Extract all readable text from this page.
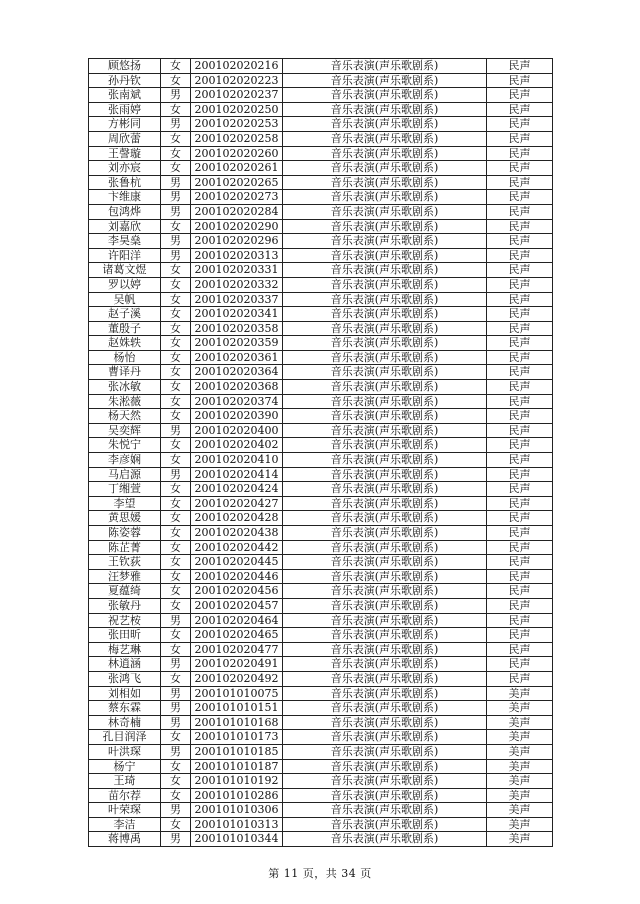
顾悠扬	女	200102020216	音乐表演(声乐歌剧系)	民声
孙丹钦	女	200102020223	音乐表演(声乐歌剧系)	民声
张南斌	男	200102020237	音乐表演(声乐歌剧系)	民声
张雨婷	女	200102020250	音乐表演(声乐歌剧系)	民声
方彬同	男	200102020253	音乐表演(声乐歌剧系)	民声
周欣蕾	女	200102020258	音乐表演(声乐歌剧系)	民声
王謦璇	女	200102020260	音乐表演(声乐歌剧系)	民声
刘亦宸	女	200102020261	音乐表演(声乐歌剧系)	民声
张鲁杭	男	200102020265	音乐表演(声乐歌剧系)	民声
卞维康	男	200102020273	音乐表演(声乐歌剧系)	民声
包鸿烨	男	200102020284	音乐表演(声乐歌剧系)	民声
刘嘉欣	女	200102020290	音乐表演(声乐歌剧系)	民声
李昊燊	男	200102020296	音乐表演(声乐歌剧系)	民声
许阳洋	男	200102020313	音乐表演(声乐歌剧系)	民声
诸葛文煜	女	200102020331	音乐表演(声乐歌剧系)	民声
罗以婷	女	200102020332	音乐表演(声乐歌剧系)	民声
吴帆	女	200102020337	音乐表演(声乐歌剧系)	民声
赵子溪	女	200102020341	音乐表演(声乐歌剧系)	民声
董殷子	女	200102020358	音乐表演(声乐歌剧系)	民声
赵姝轶	女	200102020359	音乐表演(声乐歌剧系)	民声
杨怡	女	200102020361	音乐表演(声乐歌剧系)	民声
曹译丹	女	200102020364	音乐表演(声乐歌剧系)	民声
张冰敏	女	200102020368	音乐表演(声乐歌剧系)	民声
朱淞薇	女	200102020374	音乐表演(声乐歌剧系)	民声
杨天然	女	200102020390	音乐表演(声乐歌剧系)	民声
吴奕辉	男	200102020400	音乐表演(声乐歌剧系)	民声
朱悦宁	女	200102020402	音乐表演(声乐歌剧系)	民声
李彦娴	女	200102020410	音乐表演(声乐歌剧系)	民声
马启源	男	200102020414	音乐表演(声乐歌剧系)	民声
丁缃萱	女	200102020424	音乐表演(声乐歌剧系)	民声
李望	女	200102020427	音乐表演(声乐歌剧系)	民声
黄思媛	女	200102020428	音乐表演(声乐歌剧系)	民声
陈姿蓉	女	200102020438	音乐表演(声乐歌剧系)	民声
陈芷菁	女	200102020442	音乐表演(声乐歌剧系)	民声
王钦荻	女	200102020445	音乐表演(声乐歌剧系)	民声
汪梦雅	女	200102020446	音乐表演(声乐歌剧系)	民声
夏蕴绮	女	200102020456	音乐表演(声乐歌剧系)	民声
张敏丹	女	200102020457	音乐表演(声乐歌剧系)	民声
祝艺桉	男	200102020464	音乐表演(声乐歌剧系)	民声
张田昕	女	200102020465	音乐表演(声乐歌剧系)	民声
梅艺琳	女	200102020477	音乐表演(声乐歌剧系)	民声
林逍涵	男	200102020491	音乐表演(声乐歌剧系)	民声
张鸿飞	女	200102020492	音乐表演(声乐歌剧系)	民声
刘相如	男	200101010075	音乐表演(声乐歌剧系)	美声
蔡东霖	男	200101010151	音乐表演(声乐歌剧系)	美声
林奇楠	男	200101010168	音乐表演(声乐歌剧系)	美声
孔目润泽	女	200101010173	音乐表演(声乐歌剧系)	美声
叶洪琛	男	200101010185	音乐表演(声乐歌剧系)	美声
杨宁	女	200101010187	音乐表演(声乐歌剧系)	美声
王琦	女	200101010192	音乐表演(声乐歌剧系)	美声
苗尔荐	女	200101010286	音乐表演(声乐歌剧系)	美声
叶荣琛	男	200101010306	音乐表演(声乐歌剧系)	美声
李洁	女	200101010313	音乐表演(声乐歌剧系)	美声
蒋博禹	男	200101010344	音乐表演(声乐歌剧系)	美声
第 11 页，共 34 页
